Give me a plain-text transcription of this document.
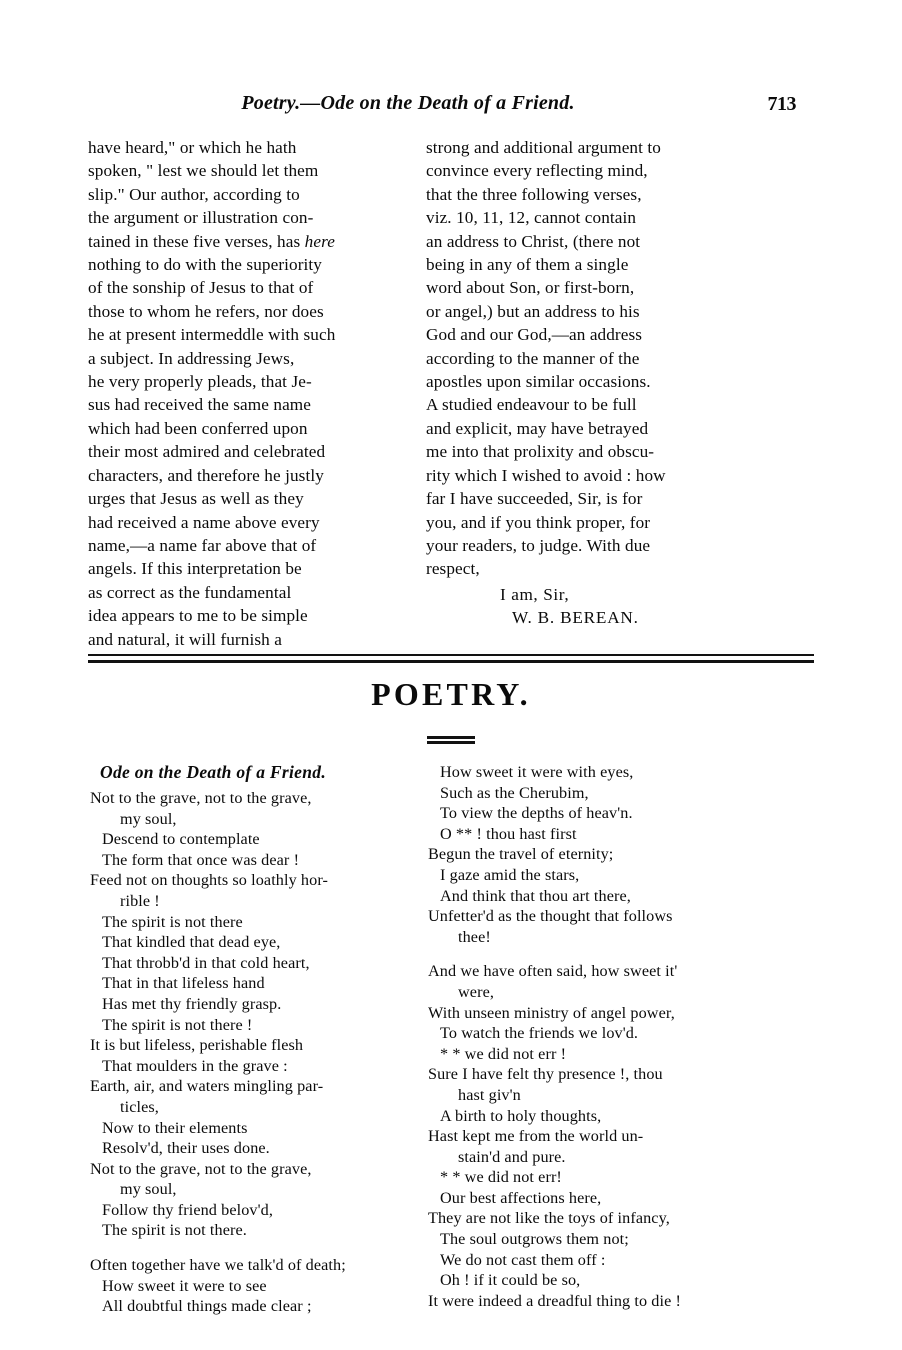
Poetry.—Ode on the Death of a Friend.	713
have heard," or which he hath
spoken, " lest we should let them
slip." Our author, according to
the argument or illustration con-
tained in these five verses, has here
nothing to do with the superiority
of the sonship of Jesus to that of
those to whom he refers, nor does
he at present intermeddle with such
a subject. In addressing Jews,
he very properly pleads, that Je-
sus had received the same name
which had been conferred upon
their most admired and celebrated
characters, and therefore he justly
urges that Jesus as well as they
had received a name above every
name,—a name far above that of
angels. If this interpretation be
as correct as the fundamental
idea appears to me to be simple
and natural, it will furnish a
strong and additional argument to
convince every reflecting mind,
that the three following verses,
viz. 10, 11, 12, cannot contain
an address to Christ, (there not
being in any of them a single
word about Son, or first-born,
or angel,) but an address to his
God and our God,—an address
according to the manner of the
apostles upon similar occasions.
A studied endeavour to be full
and explicit, may have betrayed
me into that prolixity and obscu-
rity which I wished to avoid : how
far I have succeeded, Sir, is for
you, and if you think proper, for
your readers, to judge. With due
respect,
I am, Sir,
W. B. BEREAN.
POETRY.
Ode on the Death of a Friend.
Not to the grave, not to the grave,
my soul,
Descend to contemplate
The form that once was dear !
Feed not on thoughts so loathly hor-
rible !
The spirit is not there
That kindled that dead eye,
That throbb'd in that cold heart,
That in that lifeless hand
Has met thy friendly grasp.
The spirit is not there !
It is but lifeless, perishable flesh
That moulders in the grave :
Earth, air, and waters mingling par-
ticles,
Now to their elements
Resolv'd, their uses done.
Not to the grave, not to the grave,
my soul,
Follow thy friend belov'd,
The spirit is not there.
Often together have we talk'd of death;
How sweet it were to see
All doubtful things made clear ;
How sweet it were with eyes,
Such as the Cherubim,
To view the depths of heav'n.
O ** ! thou hast first
Begun the travel of eternity;
I gaze amid the stars,
And think that thou art there,
Unfetter'd as the thought that follows
thee!
And we have often said, how sweet it'
were,
With unseen ministry of angel power,
To watch the friends we lov'd.
* * we did not err !
Sure I have felt thy presence !, thou
hast giv'n
A birth to holy thoughts,
Hast kept me from the world un-
stain'd and pure.
* * we did not err!
Our best affections here,
They are not like the toys of infancy,
The soul outgrows them not;
We do not cast them off :
Oh ! if it could be so,
It were indeed a dreadful thing to die !
